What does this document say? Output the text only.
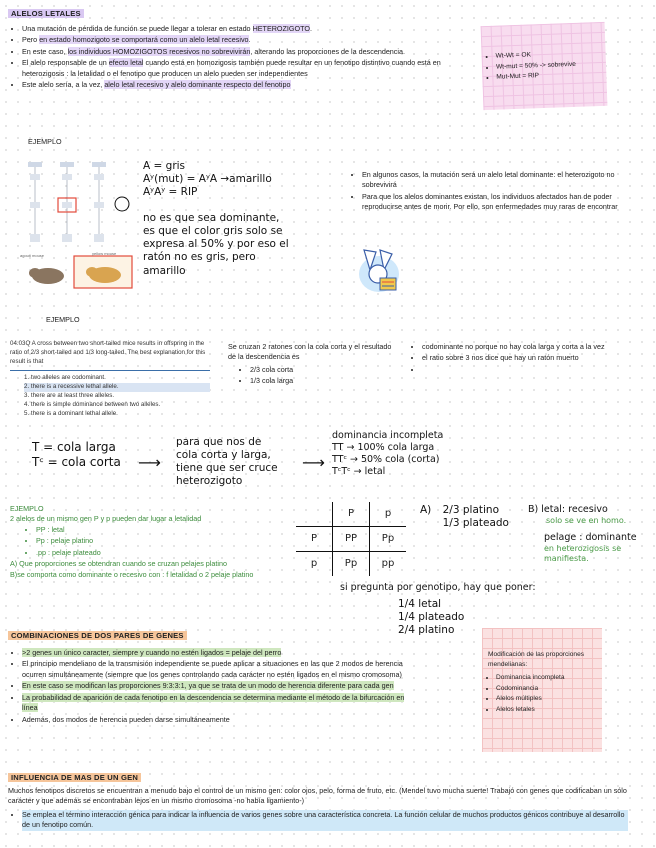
ALELOS LETALES
• Una mutación de pérdida de función se puede llegar a tolerar en estado HETEROZIGOTO.
• Pero en estado homozigoto se comportará como un alelo letal recesivo.
• En este caso, los individuos HOMOZIGOTOS recesivos no sobrevivirán, alterando las proporciones de la descendencia.
• El alelo responsable de un efecto letal cuando está en homozigosis también puede resultar en un fenotipo distintivo cuando está en heterozigosis : la letalidad o el fenotipo que producen un alelo pueden ser independientes
• Este alelo sería, a la vez, alelo letal recesivo y alelo dominante respecto del fenotipo
• Wt-Wt = OK
• Wt-mut = 50% -> sobrevive
• Mut-Mut = RIP
EJEMPLO
agouti mouse	yellow mouse
A = gris
Aʸ(mut) = AʸA →amarillo
AʸAʸ = RIP
no es que sea dominante,
es que el color gris solo se
expresa al 50% y por eso el
ratón no es gris, pero
amarillo
• En algunos casos, la mutación será un alelo letal dominante: el heterozigoto no sobrevivirá
• Para que los alelos dominantes existan, los individuos afectados han de poder reproducirse antes de morir. Por ello, son enfermedades muy raras de encontrar
EJEMPLO
04.03Q A cross between two short-tailed mice results in offspring in the ratio of 2/3 short-tailed and 1/3 long-tailed. The best explanation for this result is that
1. two alleles are codominant.
2. there is a recessive lethal allele.
3. there are at least three alleles.
4. there is simple dominance between two alleles.
5. there is a dominant lethal allele.
Se cruzan 2 ratones con la cola corta y el resultado de la descendencia es
• 2/3 cola corta
• 1/3 cola larga
• codominante no porque no hay cola larga y corta a la vez
• el ratio sobre 3 nos dice que hay un ratón muerto
•
T = cola larga
Tᶜ = cola corta ⟶
para que nos de
cola corta y larga,
tiene que ser cruce
heterozigoto
⟶
dominancia incompleta
TT → 100% cola larga
TTᶜ → 50% cola (corta)
TᶜTᶜ → letal
EJEMPLO
2 alelos de un mismo gen P y p pueden dar lugar a letalidad
• PP : letal
• Pp : pelaje platino
• .pp : pelaje plateado
A) Que proporciones se obtendran cuando se cruzan pelajes platino
B)se comporta como dominante o recesivo con : f letalidad o 2 pelaje platino
	P	p
P	PP	Pp
p	Pp	pp
A) 2/3 platino
1/3 plateado
B) letal: recesivo
solo se ve en homo.
pelage : dominante
en heterozigosis se manifiesta.
si pregunta por genotipo, hay que poner:
1/4 letal
1/4 plateado
2/4 platino
COMBINACIONES DE DOS PARES DE GENES
• >2 genes un único caracter, siempre y cuando no estén ligados = pelaje del perro
• El principio mendeliano de la transmisión independiente se puede aplicar a situaciones en las que 2 modos de herencia ocurren simultáneamente (siempre que los genes controlando cada carácter no estén ligados en el mismo cromosoma)
• En este caso se modifican las proporciones 9:3:3:1, ya que se trata de un modo de herencia diferente para cada gen
• La probabilidad de aparición de cada fenotipo en la descendencia se determina mediante el método de la bifurcación en línea
• Además, dos modos de herencia pueden darse simultáneamente
Modificación de las proporciones mendelianas:
• Dominancia incompleta
• Codominancia
• Alelos múltiples
• Alelos letales
INFLUENCIA DE MAS DE UN GEN
Muchos fenotipos discretos se encuentran a menudo bajo el control de un mismo gen: color ojos, pelo, forma de fruto, etc. (Mendel tuvo mucha suerte! Trabajó con genes que codificaban un sólo carácter y que además se encontraban lejos en un mismo cromosoma -no había ligamiento-)
• Se emplea el término interacción génica para indicar la influencia de varios genes sobre una característica concreta. La función celular de muchos productos génicos contribuye al desarrollo de un fenotipo común.
